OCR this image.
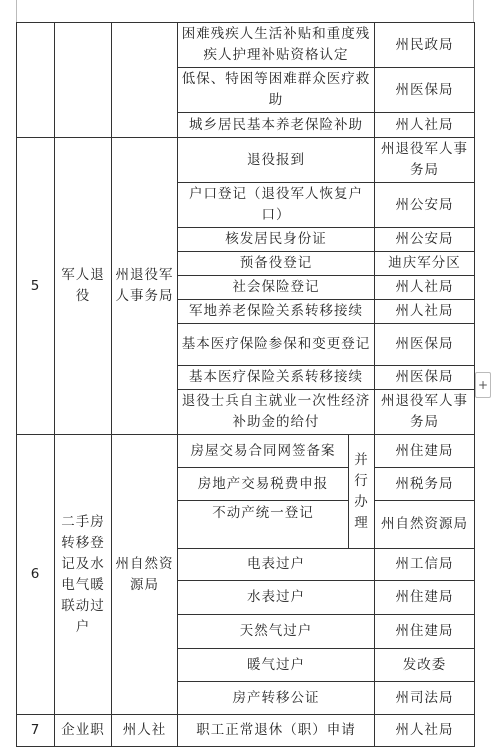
			困难残疾人生活补贴和重度残疾人护理补贴资格认定		州民政局
			低保、特困等困难群众医疗救助		州医保局
			城乡居民基本养老保险补助		州人社局
5	军人退役	州退役军人事务局	退役报到		州退役军人事务局
			户口登记（退役军人恢复户口）		州公安局
			核发居民身份证		州公安局
			预备役登记		迪庆军分区
			社会保险登记		州人社局
			军地养老保险关系转移接续		州人社局
			基本医疗保险参保和变更登记		州医保局
			基本医疗保险关系转移接续		州医保局
			退役士兵自主就业一次性经济补助金的给付		州退役军人事务局
6	二手房转移登记及水电气暖联动过户	州自然资源局	房屋交易合同网签备案	并行办理	州住建局
			房地产交易税费申报		州税务局
			不动产统一登记		州自然资源局
			电表过户		州工信局
			水表过户		州住建局
			天然气过户		州住建局
			暖气过户		发改委
			房产转移公证		州司法局
7	企业职	州人社	职工正常退休（职）申请		州人社局
+
